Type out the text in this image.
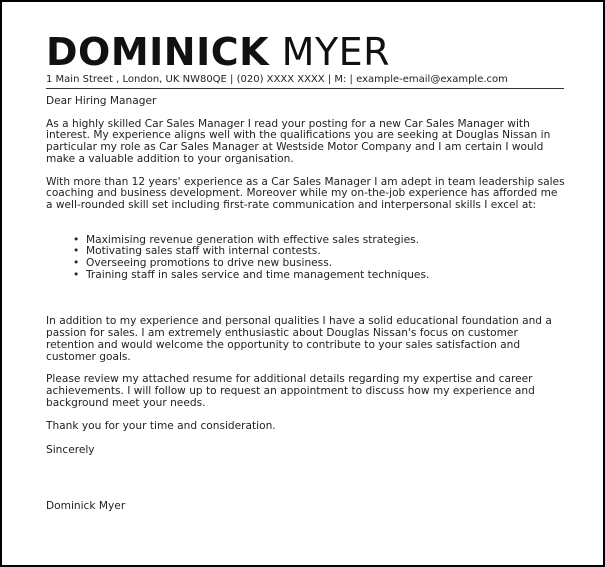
DOMINICK MYER
1 Main Street , London, UK NW80QE | (020) XXXX XXXX | M: | example-email@example.com

Dear Hiring Manager

As a highly skilled Car Sales Manager I read your posting for a new Car Sales Manager with interest. My experience aligns well with the qualifications you are seeking at Douglas Nissan in particular my role as Car Sales Manager at Westside Motor Company and I am certain I would make a valuable addition to your organisation.

With more than 12 years' experience as a Car Sales Manager I am adept in team leadership sales coaching and business development. Moreover while my on-the-job experience has afforded me a well-rounded skill set including first-rate communication and interpersonal skills I excel at:

• Maximising revenue generation with effective sales strategies.
• Motivating sales staff with internal contests.
• Overseeing promotions to drive new business.
• Training staff in sales service and time management techniques.

In addition to my experience and personal qualities I have a solid educational foundation and a passion for sales. I am extremely enthusiastic about Douglas Nissan's focus on customer retention and would welcome the opportunity to contribute to your sales satisfaction and customer goals.

Please review my attached resume for additional details regarding my expertise and career achievements. I will follow up to request an appointment to discuss how my experience and background meet your needs.

Thank you for your time and consideration.

Sincerely

Dominick Myer
